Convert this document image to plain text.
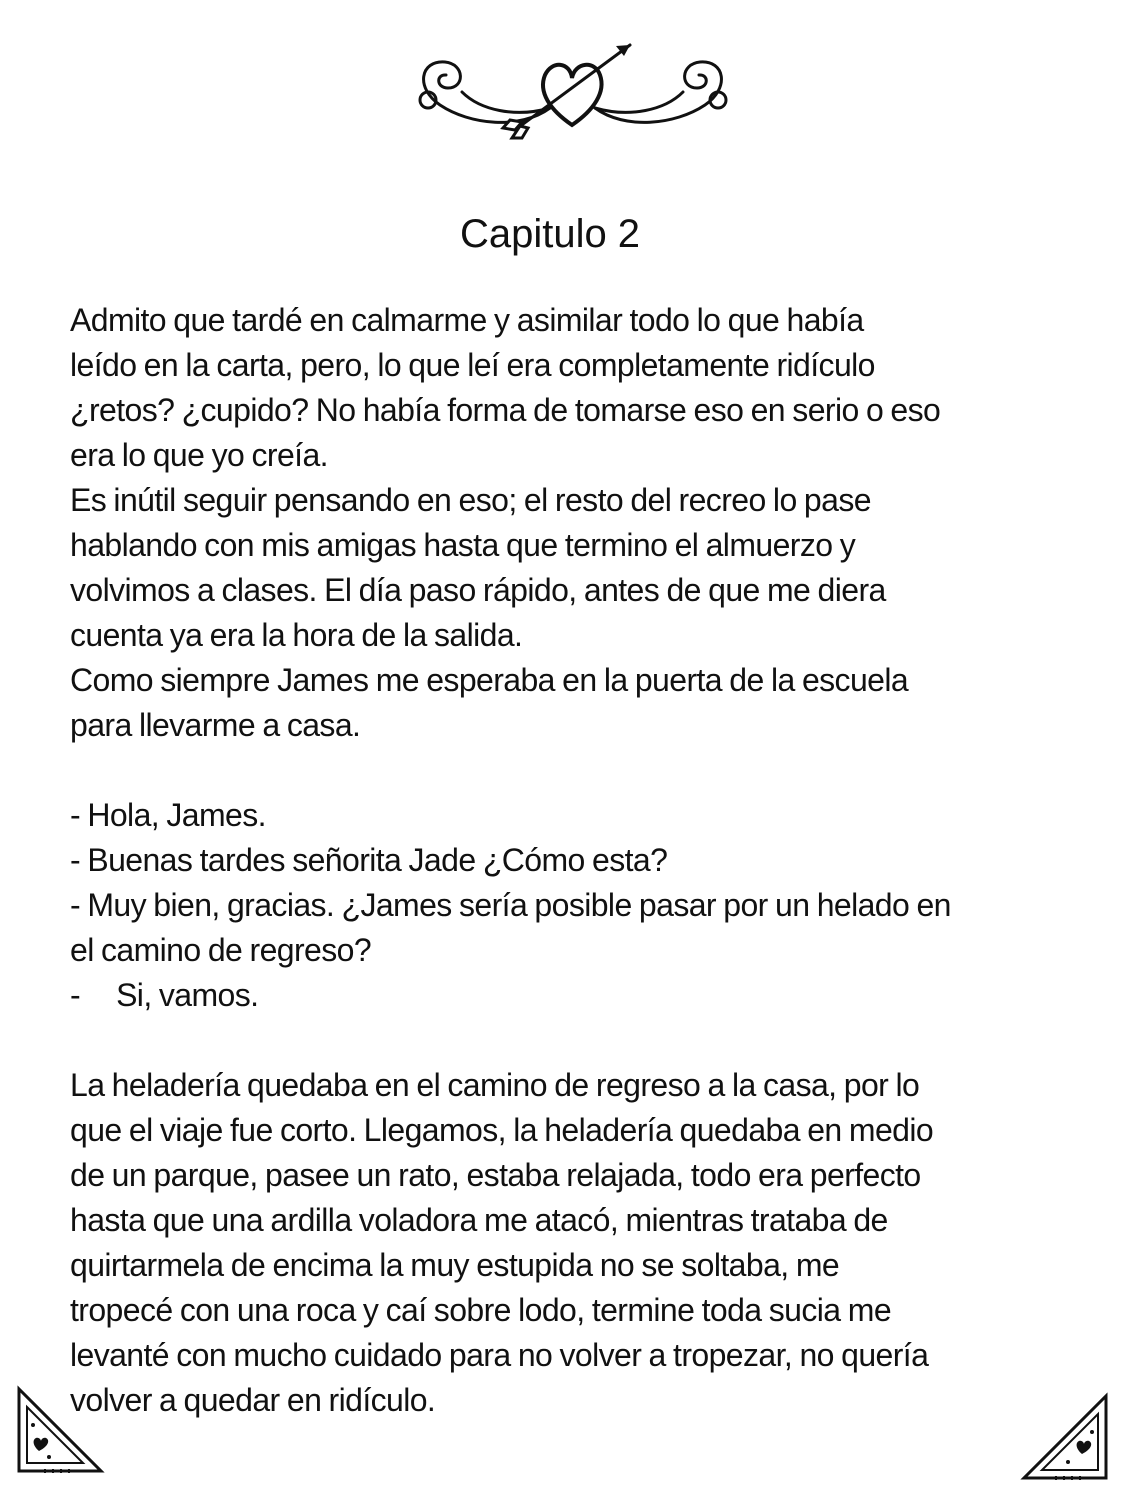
Capitulo 2
Admito que tardé en calmarme y asimilar todo lo que había
leído en la carta, pero, lo que leí era completamente ridículo
¿retos? ¿cupido? No había forma de tomarse eso en serio o eso
era lo que yo creía.
Es inútil seguir pensando en eso; el resto del recreo lo pase
hablando con mis amigas hasta que termino el almuerzo y
volvimos a clases. El día paso rápido, antes de que me diera
cuenta ya era la hora de la salida.
Como siempre James me esperaba en la puerta de la escuela
para llevarme a casa.
- Hola, James.
- Buenas tardes señorita Jade ¿Cómo esta?
- Muy bien, gracias. ¿James sería posible pasar por un helado en
el camino de regreso?
- Si, vamos.
La heladería quedaba en el camino de regreso a la casa, por lo
que el viaje fue corto. Llegamos, la heladería quedaba en medio
de un parque, pasee un rato, estaba relajada, todo era perfecto
hasta que una ardilla voladora me atacó, mientras trataba de
quirtarmela de encima la muy estupida no se soltaba, me
tropecé con una roca y caí sobre lodo, termine toda sucia me
levanté con mucho cuidado para no volver a tropezar, no quería
volver a quedar en ridículo.
